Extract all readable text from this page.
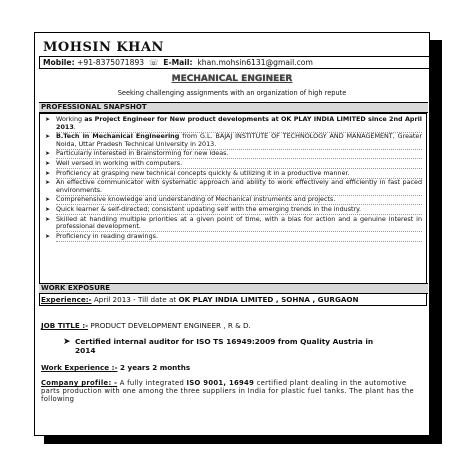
MOHSIN KHAN
Mobile: +91-8375071893 ☏ E-Mail: khan.mohsin6131@gmail.com
MECHANICAL ENGINEER
Seeking challenging assignments with an organization of high repute
PROFESSIONAL SNAPSHOT
➤ Working as Project Engineer for New product developments at OK PLAY INDIA LIMITED since 2nd April 2013.
➤ B.Tech in Mechanical Engineering from G.L. BAJAJ INSTITUTE OF TECHNOLOGY AND MANAGEMENT, Greater Noida, Uttar Pradesh Technical University in 2013.
➤ Particularly interested in Brainstorming for new ideas.
➤ Well versed in working with computers.
➤ Proficiency at grasping new technical concepts quickly & utilizing it in a productive manner.
➤ An effective communicator with systematic approach and ability to work effectively and efficiently in fast paced environments.
➤ Comprehensive knowledge and understanding of Mechanical instruments and projects.
➤ Quick learner & self-directed; consistent updating self with the emerging trends in the industry.
➤ Skilled at handling multiple priorities at a given point of time, with a bias for action and a genuine interest in professional development.
➤ Proficiency in reading drawings.
WORK EXPOSURE
Experience:- April 2013 - Till date at OK PLAY INDIA LIMITED , SOHNA , GURGAON
JOB TITLE :- PRODUCT DEVELOPMENT ENGINEER , R & D.
➤ Certified internal auditor for ISO TS 16949:2009 from Quality Austria in 2014
Work Experience :- 2 years 2 months
Company profile: - A fully integrated ISO 9001, 16949 certified plant dealing in the automotive parts production with one among the three suppliers in India for plastic fuel tanks. The plant has the following
